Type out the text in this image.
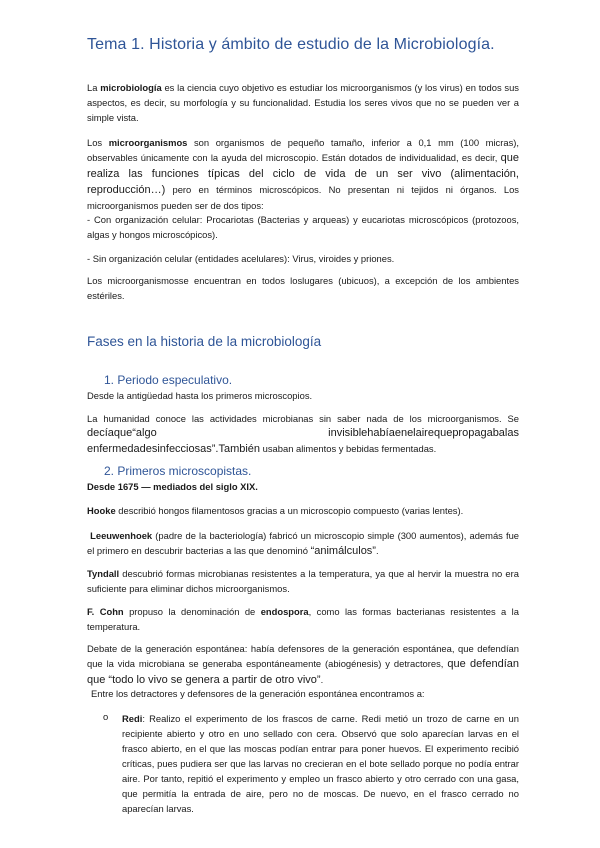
Tema 1. Historia y ámbito de estudio de la Microbiología.

La microbiología es la ciencia cuyo objetivo es estudiar los microorganismos (y los virus) en todos sus aspectos, es decir, su morfología y su funcionalidad. Estudia los seres vivos que no se pueden ver a simple vista.

Los microorganismos son organismos de pequeño tamaño, inferior a 0,1 mm (100 micras), observables únicamente con la ayuda del microscopio. Están dotados de individualidad, es decir, que realiza las funciones típicas del ciclo de vida de un ser vivo (alimentación, reproducción…) pero en términos microscópicos. No presentan ni tejidos ni órganos. Los microorganismos pueden ser de dos tipos:

- Con organización celular: Procariotas (Bacterias y arqueas) y eucariotas microscópicos (protozoos, algas y hongos microscópicos).

- Sin organización celular (entidades acelulares): Virus, viroides y priones.

Los microorganismosse encuentran en todos loslugares (ubicuos), a excepción de los ambientes estériles.

Fases en la historia de la microbiología
1. Periodo especulativo.

Desde la antigüedad hasta los primeros microscopios.

La humanidad conoce las actividades microbianas sin saber nada de los microorganismos. Se
decíaque“algo	invisiblehabíaenelairequepropagabalas
enfermedadesinfecciosas”.También usaban alimentos y bebidas fermentadas.
2. Primeros microscopistas.

Desde 1675 — mediados del siglo XIX.

Hooke describió hongos filamentosos gracias a un microscopio compuesto (varias lentes).

Leeuwenhoek (padre de la bacteriología) fabricó un microscopio simple (300 aumentos), además fue el primero en descubrir bacterias a las que denominó “animálculos”.

Tyndall descubrió formas microbianas resistentes a la temperatura, ya que al hervir la muestra no era suficiente para eliminar dichos microorganismos.

F. Cohn propuso la denominación de endospora, como las formas bacterianas resistentes a la temperatura.

Debate de la generación espontánea: había defensores de la generación espontánea, que defendían que la vida microbiana se generaba espontáneamente (abiogénesis) y detractores, que defendían que “todo lo vivo se genera a partir de otro vivo”.

Entre los detractores y defensores de la generación espontánea encontramos a:

o Redi: Realizo el experimento de los frascos de carne. Redi metió un trozo de carne en un recipiente abierto y otro en uno sellado con cera. Observó que solo aparecían larvas en el frasco abierto, en el que las moscas podían entrar para poner huevos. El experimento recibió críticas, pues pudiera ser que las larvas no crecieran en el bote sellado porque no podía entrar aire. Por tanto, repitió el experimento y empleo un frasco abierto y otro cerrado con una gasa, que permitía la entrada de aire, pero no de moscas. De nuevo, en el frasco cerrado no aparecían larvas.
